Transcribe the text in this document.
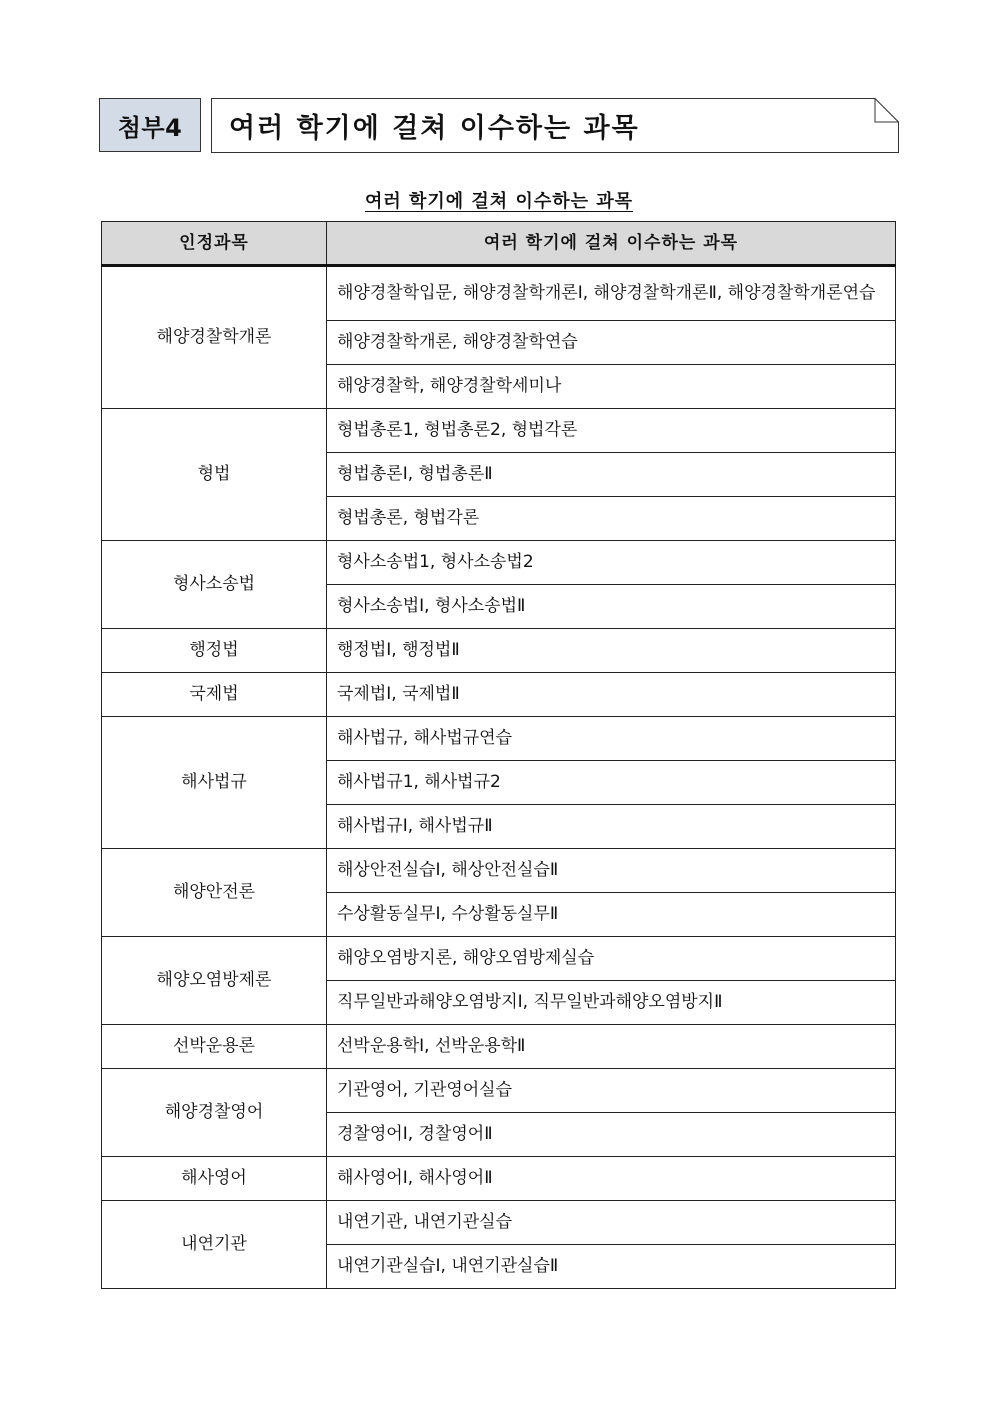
첨부4 여러 학기에 걸쳐 이수하는 과목
여러 학기에 걸쳐 이수하는 과목
인정과목	여러 학기에 걸쳐 이수하는 과목
해양경찰학개론	해양경찰학입문, 해양경찰학개론Ⅰ, 해양경찰학개론Ⅱ, 해양경찰학개론연습
	해양경찰학개론, 해양경찰학연습
	해양경찰학, 해양경찰학세미나
형법	형법총론1, 형법총론2, 형법각론
	형법총론Ⅰ, 형법총론Ⅱ
	형법총론, 형법각론
형사소송법	형사소송법1, 형사소송법2
	형사소송법Ⅰ, 형사소송법Ⅱ
행정법	행정법Ⅰ, 행정법Ⅱ
국제법	국제법Ⅰ, 국제법Ⅱ
해사법규	해사법규, 해사법규연습
	해사법규1, 해사법규2
	해사법규Ⅰ, 해사법규Ⅱ
해양안전론	해상안전실습Ⅰ, 해상안전실습Ⅱ
	수상활동실무Ⅰ, 수상활동실무Ⅱ
해양오염방제론	해양오염방지론, 해양오염방제실습
	직무일반과해양오염방지Ⅰ, 직무일반과해양오염방지Ⅱ
선박운용론	선박운용학Ⅰ, 선박운용학Ⅱ
해양경찰영어	기관영어, 기관영어실습
	경찰영어Ⅰ, 경찰영어Ⅱ
해사영어	해사영어Ⅰ, 해사영어Ⅱ
내연기관	내연기관, 내연기관실습
	내연기관실습Ⅰ, 내연기관실습Ⅱ
